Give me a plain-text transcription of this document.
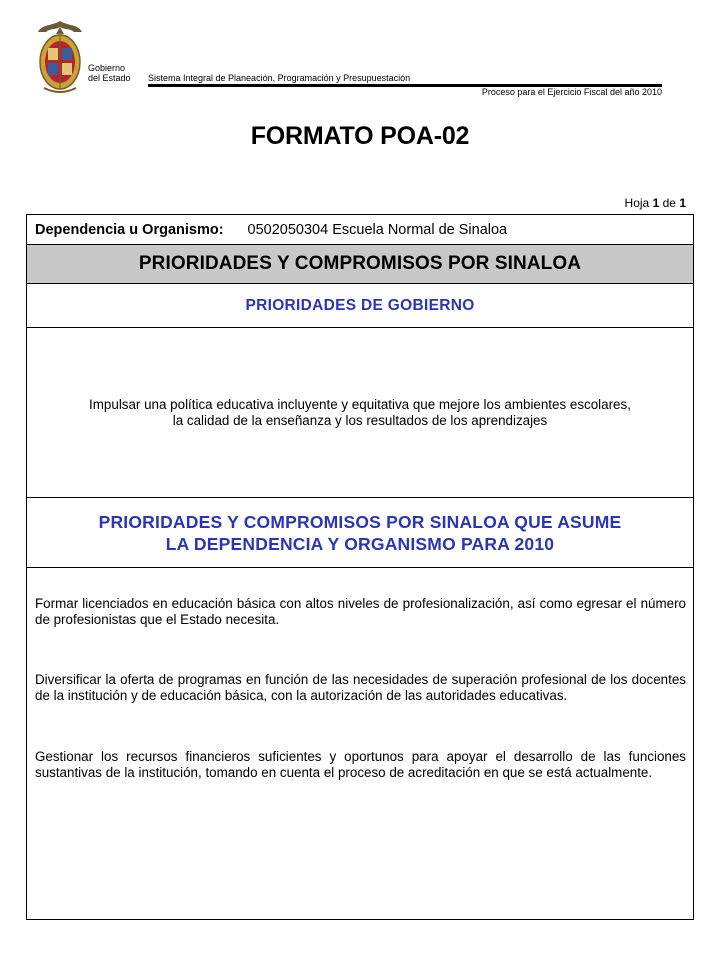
Gobierno
del Estado Sistema Integral de Planeación, Programación y Presupuestación
Proceso para el Ejercicio Fiscal del año 2010
FORMATO POA-02
Hoja 1 de 1
Dependencia u Organismo: 0502050304 Escuela Normal de Sinaloa
PRIORIDADES Y COMPROMISOS POR SINALOA
PRIORIDADES DE GOBIERNO
Impulsar una política educativa incluyente y equitativa que mejore los ambientes escolares,
la calidad de la enseñanza y los resultados de los aprendizajes
PRIORIDADES Y COMPROMISOS POR SINALOA QUE ASUME
LA DEPENDENCIA Y ORGANISMO PARA 2010

Formar licenciados en educación básica con altos niveles de profesionalización, así como egresar el número de profesionistas que el Estado necesita.

Diversificar la oferta de programas en función de las necesidades de superación profesional de los docentes de la institución y de educación básica, con la autorización de las autoridades educativas.

Gestionar los recursos financieros suficientes y oportunos para apoyar el desarrollo de las funciones sustantivas de la institución, tomando en cuenta el proceso de acreditación en que se está actualmente.
